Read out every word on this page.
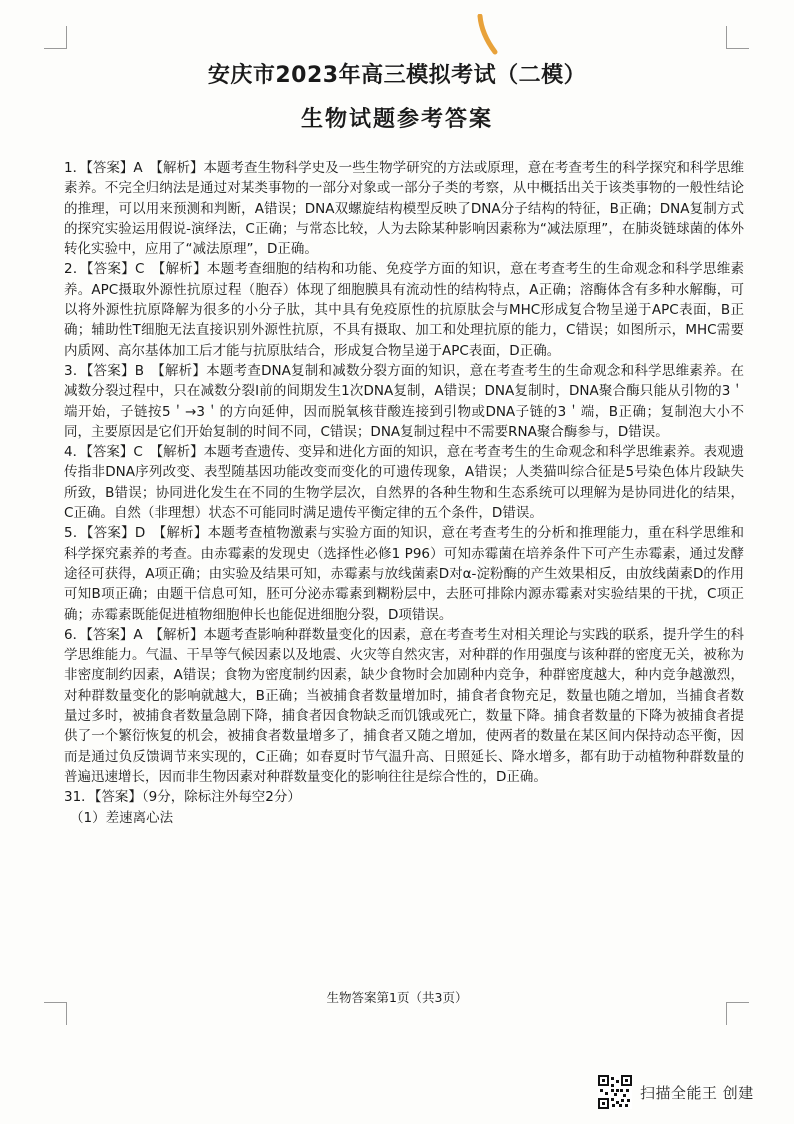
安庆市2023年高三模拟考试（二模）
生物试题参考答案

1．【答案】A　【解析】本题考查生物科学史及一些生物学研究的方法或原理，意在考查考生的科学探究和科学思维素养。不完全归纳法是通过对某类事物的一部分对象或一部分子类的考察，从中概括出关于该类事物的一般性结论的推理，可以用来预测和判断，A错误；DNA双螺旋结构模型反映了DNA分子结构的特征，B正确；DNA复制方式的探究实验运用假说-演绎法，C正确；与常态比较，人为去除某种影响因素称为“减法原理”，在肺炎链球菌的体外转化实验中，应用了“减法原理”，D正确。

2．【答案】C　【解析】本题考查细胞的结构和功能、免疫学方面的知识，意在考查考生的生命观念和科学思维素养。APC摄取外源性抗原过程（胞吞）体现了细胞膜具有流动性的结构特点，A正确；溶酶体含有多种水解酶，可以将外源性抗原降解为很多的小分子肽，其中具有免疫原性的抗原肽会与MHC形成复合物呈递于APC表面，B正确；辅助性T细胞无法直接识别外源性抗原，不具有摄取、加工和处理抗原的能力，C错误；如图所示，MHC需要内质网、高尔基体加工后才能与抗原肽结合，形成复合物呈递于APC表面，D正确。

3．【答案】B　【解析】本题考查DNA复制和减数分裂方面的知识，意在考查考生的生命观念和科学思维素养。在减数分裂过程中，只在减数分裂Ⅰ前的间期发生1次DNA复制，A错误；DNA复制时，DNA聚合酶只能从引物的3＇端开始，子链按5＇→3＇的方向延伸，因而脱氧核苷酸连接到引物或DNA子链的3＇端，B正确；复制泡大小不同，主要原因是它们开始复制的时间不同，C错误；DNA复制过程中不需要RNA聚合酶参与，D错误。

4．【答案】C　【解析】本题考查遗传、变异和进化方面的知识，意在考查考生的生命观念和科学思维素养。表观遗传指非DNA序列改变、表型随基因功能改变而变化的可遗传现象，A错误；人类猫叫综合征是5号染色体片段缺失所致，B错误；协同进化发生在不同的生物学层次，自然界的各种生物和生态系统可以理解为是协同进化的结果，C正确。自然（非理想）状态不可能同时满足遗传平衡定律的五个条件，D错误。

5．【答案】D　【解析】本题考查植物激素与实验方面的知识，意在考查考生的分析和推理能力，重在科学思维和科学探究素养的考查。由赤霉素的发现史（选择性必修1 P96）可知赤霉菌在培养条件下可产生赤霉素，通过发酵途径可获得，A项正确；由实验及结果可知，赤霉素与放线菌素D对α-淀粉酶的产生效果相反，由放线菌素D的作用可知B项正确；由题干信息可知，胚可分泌赤霉素到糊粉层中，去胚可排除内源赤霉素对实验结果的干扰，C项正确；赤霉素既能促进植物细胞伸长也能促进细胞分裂，D项错误。

6．【答案】A　【解析】本题考查影响种群数量变化的因素，意在考查考生对相关理论与实践的联系，提升学生的科学思维能力。气温、干旱等气候因素以及地震、火灾等自然灾害，对种群的作用强度与该种群的密度无关，被称为非密度制约因素，A错误；食物为密度制约因素，缺少食物时会加剧种内竞争，种群密度越大，种内竞争越激烈，对种群数量变化的影响就越大，B正确；当被捕食者数量增加时，捕食者食物充足，数量也随之增加，当捕食者数量过多时，被捕食者数量急剧下降，捕食者因食物缺乏而饥饿或死亡，数量下降。捕食者数量的下降为被捕食者提供了一个繁衍恢复的机会，被捕食者数量增多了，捕食者又随之增加，使两者的数量在某区间内保持动态平衡，因而是通过负反馈调节来实现的，C正确；如春夏时节气温升高、日照延长、降水增多，都有助于动植物种群数量的普遍迅速增长，因而非生物因素对种群数量变化的影响往往是综合性的，D正确。

31．【答案】（9分，除标注外每空2分）

（1）差速离心法

生物答案第1页（共3页）
扫描全能王 创建
